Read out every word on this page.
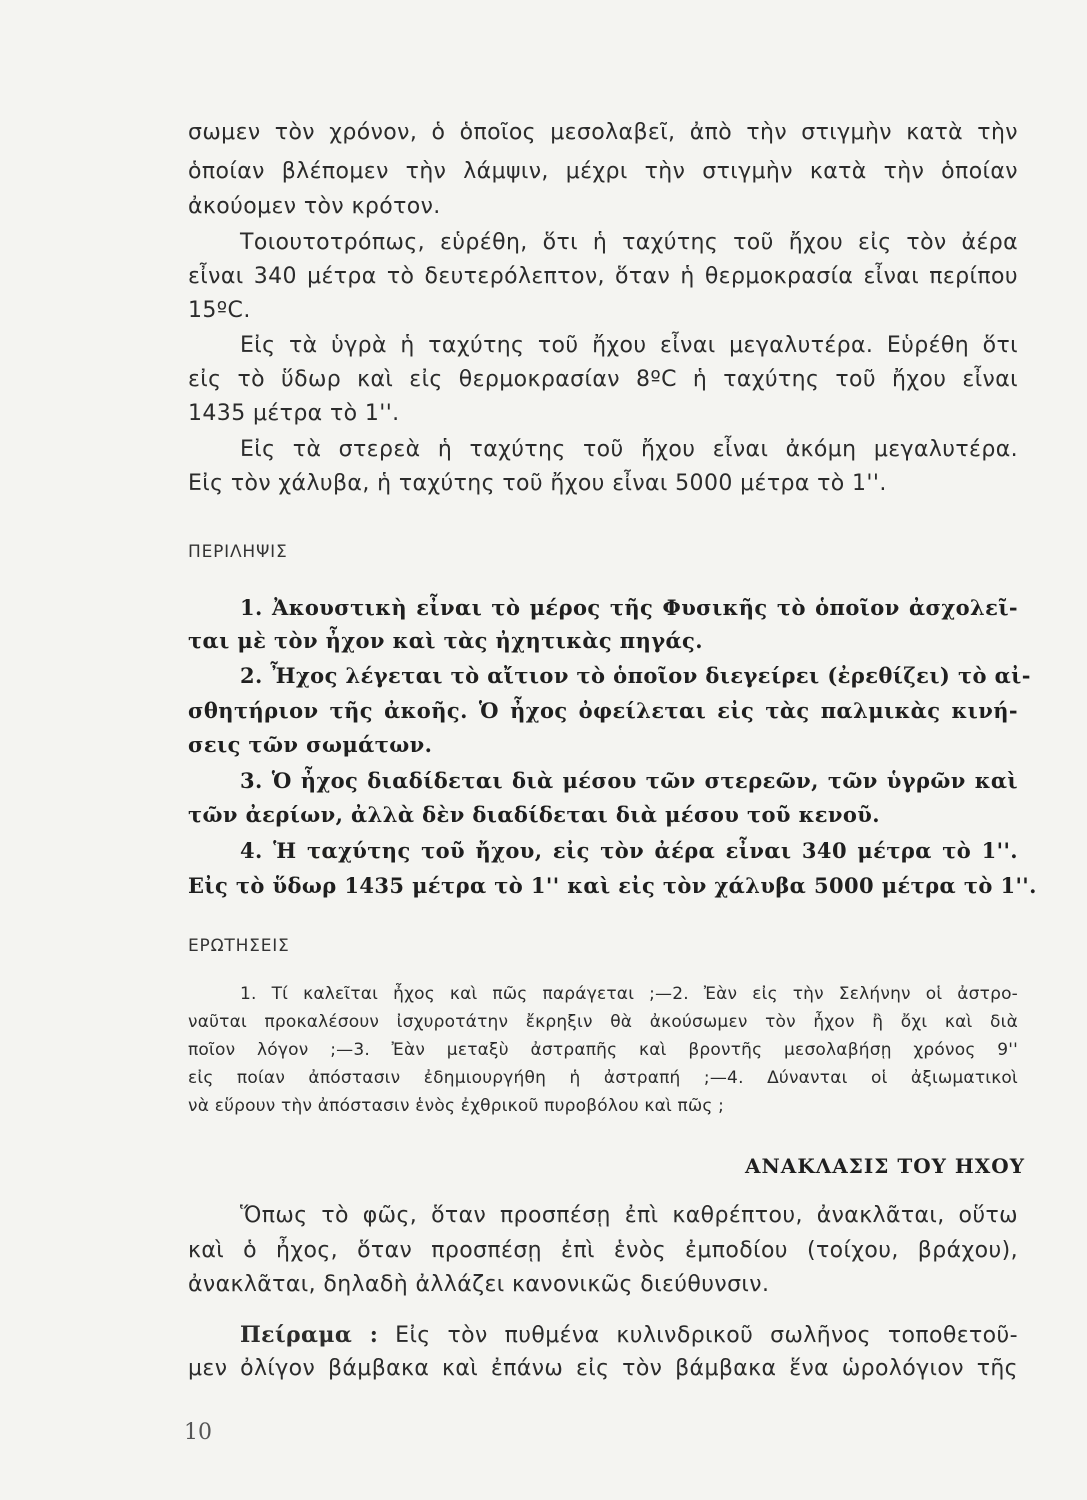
σωμεν τὸν χρόνον, ὁ ὁποῖος μεσολαβεῖ, ἀπὸ τὴν στιγμὴν κατὰ τὴν
ὁποίαν βλέπομεν τὴν λάμψιν, μέχρι τὴν στιγμὴν κατὰ τὴν ὁποίαν
ἀκούομεν τὸν κρότον.
Τοιουτοτρόπως, εὑρέθη, ὅτι ἡ ταχύτης τοῦ ἤχου εἰς τὸν ἀέρα
εἶναι 340 μέτρα τὸ δευτερόλεπτον, ὅταν ἡ θερμοκρασία εἶναι περίπου
15ºC.
Εἰς τὰ ὑγρὰ ἡ ταχύτης τοῦ ἤχου εἶναι μεγαλυτέρα. Εὑρέθη ὅτι
εἰς τὸ ὕδωρ καὶ εἰς θερμοκρασίαν 8ºC ἡ ταχύτης τοῦ ἤχου εἶναι
1435 μέτρα τὸ 1''.
Εἰς τὰ στερεὰ ἡ ταχύτης τοῦ ἤχου εἶναι ἀκόμη μεγαλυτέρα.
Εἰς τὸν χάλυβα, ἡ ταχύτης τοῦ ἤχου εἶναι 5000 μέτρα τὸ 1''.
ΠΕΡΙΛΗΨΙΣ
1. Ἀκουστικὴ εἶναι τὸ μέρος τῆς Φυσικῆς τὸ ὁποῖον ἀσχολεῖ-
ται μὲ τὸν ἦχον καὶ τὰς ἠχητικὰς πηγάς.
2. Ἦχος λέγεται τὸ αἴτιον τὸ ὁποῖον διεγείρει (ἐρεθίζει) τὸ αἰ-
σθητήριον τῆς ἀκοῆς. Ὁ ἦχος ὀφείλεται εἰς τὰς παλμικὰς κινή-
σεις τῶν σωμάτων.
3. Ὁ ἦχος διαδίδεται διὰ μέσου τῶν στερεῶν, τῶν ὑγρῶν καὶ
τῶν ἀερίων, ἀλλὰ δὲν διαδίδεται διὰ μέσου τοῦ κενοῦ.
4. Ἡ ταχύτης τοῦ ἤχου, εἰς τὸν ἀέρα εἶναι 340 μέτρα τὸ 1''.
Εἰς τὸ ὕδωρ 1435 μέτρα τὸ 1'' καὶ εἰς τὸν χάλυβα 5000 μέτρα τὸ 1''.
ΕΡΩΤΗΣΕΙΣ
1. Τί καλεῖται ἦχος καὶ πῶς παράγεται ;—2. Ἐὰν εἰς τὴν Σελήνην οἱ ἀστρο-
ναῦται προκαλέσουν ἰσχυροτάτην ἔκρηξιν θὰ ἀκούσωμεν τὸν ἦχον ἢ ὄχι καὶ διὰ
ποῖον λόγον ;—3. Ἐὰν μεταξὺ ἀστραπῆς καὶ βροντῆς μεσολαβήσῃ χρόνος 9''
εἰς ποίαν ἀπόστασιν ἐδημιουργήθη ἡ ἀστραπή ;—4. Δύνανται οἱ ἀξιωματικοὶ
νὰ εὕρουν τὴν ἀπόστασιν ἑνὸς ἐχθρικοῦ πυροβόλου καὶ πῶς ;
ΑΝΑΚΛΑΣΙΣ ΤΟΥ ΗΧΟΥ
Ὅπως τὸ φῶς, ὅταν προσπέσῃ ἐπὶ καθρέπτου, ἀνακλᾶται, οὕτω
καὶ ὁ ἦχος, ὅταν προσπέσῃ ἐπὶ ἑνὸς ἐμποδίου (τοίχου, βράχου),
ἀνακλᾶται, δηλαδὴ ἀλλάζει κανονικῶς διεύθυνσιν.
Πείραμα : Εἰς τὸν πυθμένα κυλινδρικοῦ σωλῆνος τοποθετοῦ-
μεν ὀλίγον βάμβακα καὶ ἐπάνω εἰς τὸν βάμβακα ἕνα ὡρολόγιον τῆς
10
